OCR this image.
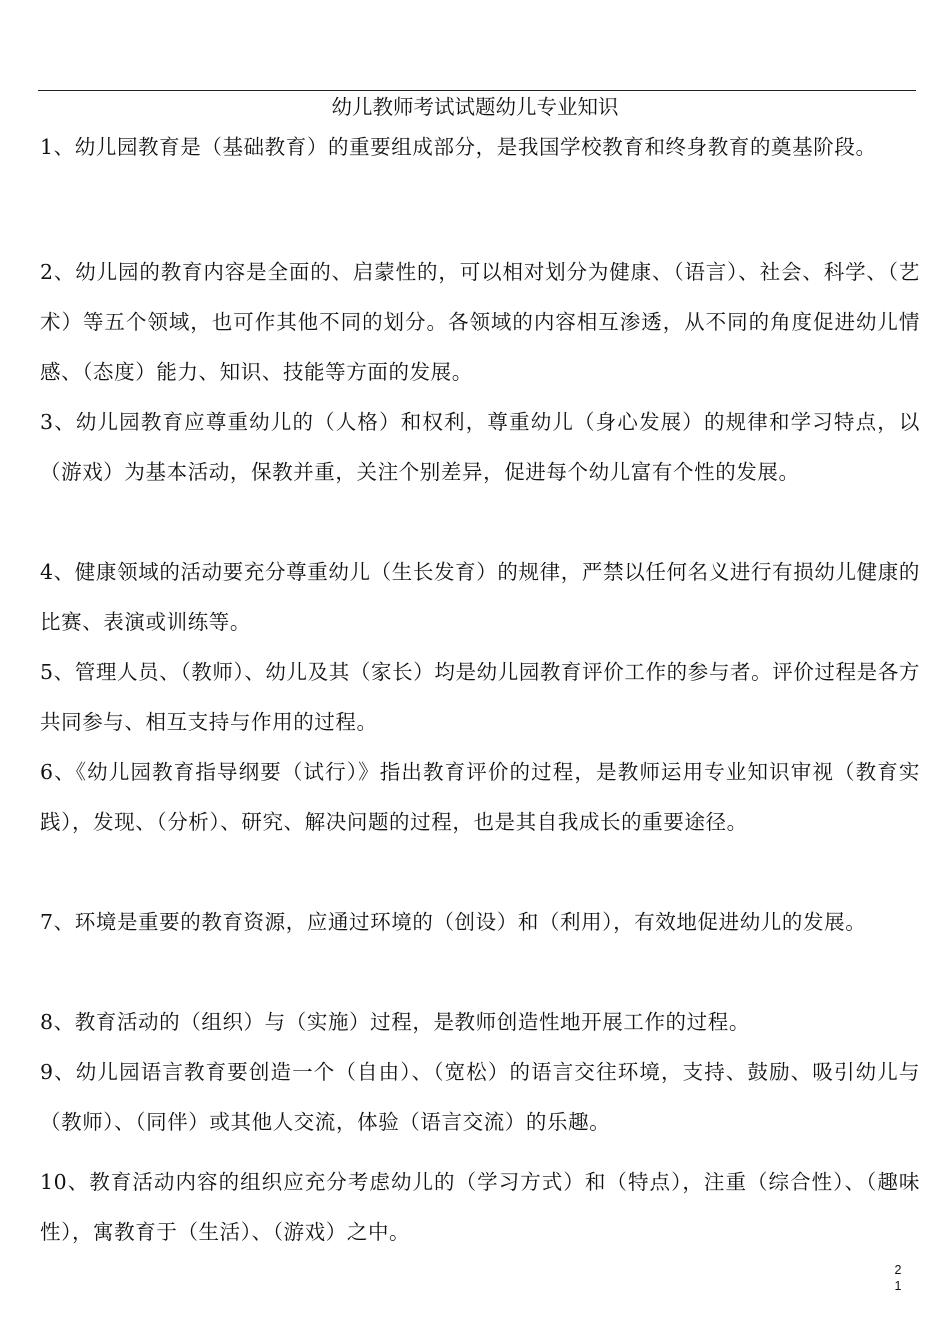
幼儿教师考试试题幼儿专业知识

1、幼儿园教育是（基础教育）的重要组成部分，是我国学校教育和终身教育的奠基阶段。

2、幼儿园的教育内容是全面的、启蒙性的，可以相对划分为健康、（语言）、社会、科学、（艺术）等五个领域，也可作其他不同的划分。各领域的内容相互渗透，从不同的角度促进幼儿情感、（态度）能力、知识、技能等方面的发展。

3、幼儿园教育应尊重幼儿的（人格）和权利，尊重幼儿（身心发展）的规律和学习特点，以（游戏）为基本活动，保教并重，关注个别差异，促进每个幼儿富有个性的发展。

4、健康领域的活动要充分尊重幼儿（生长发育）的规律，严禁以任何名义进行有损幼儿健康的比赛、表演或训练等。

5、管理人员、（教师）、幼儿及其（家长）均是幼儿园教育评价工作的参与者。评价过程是各方共同参与、相互支持与作用的过程。

6、《幼儿园教育指导纲要（试行）》指出教育评价的过程，是教师运用专业知识审视（教育实践），发现、（分析）、研究、解决问题的过程，也是其自我成长的重要途径。

7、环境是重要的教育资源，应通过环境的（创设）和（利用），有效地促进幼儿的发展。

8、教育活动的（组织）与（实施）过程，是教师创造性地开展工作的过程。

9、幼儿园语言教育要创造一个（自由）、（宽松）的语言交往环境，支持、鼓励、吸引幼儿与（教师）、（同伴）或其他人交流，体验（语言交流）的乐趣。

10、教育活动内容的组织应充分考虑幼儿的（学习方式）和（特点），注重（综合性）、（趣味性），寓教育于（生活）、（游戏）之中。

2
1
